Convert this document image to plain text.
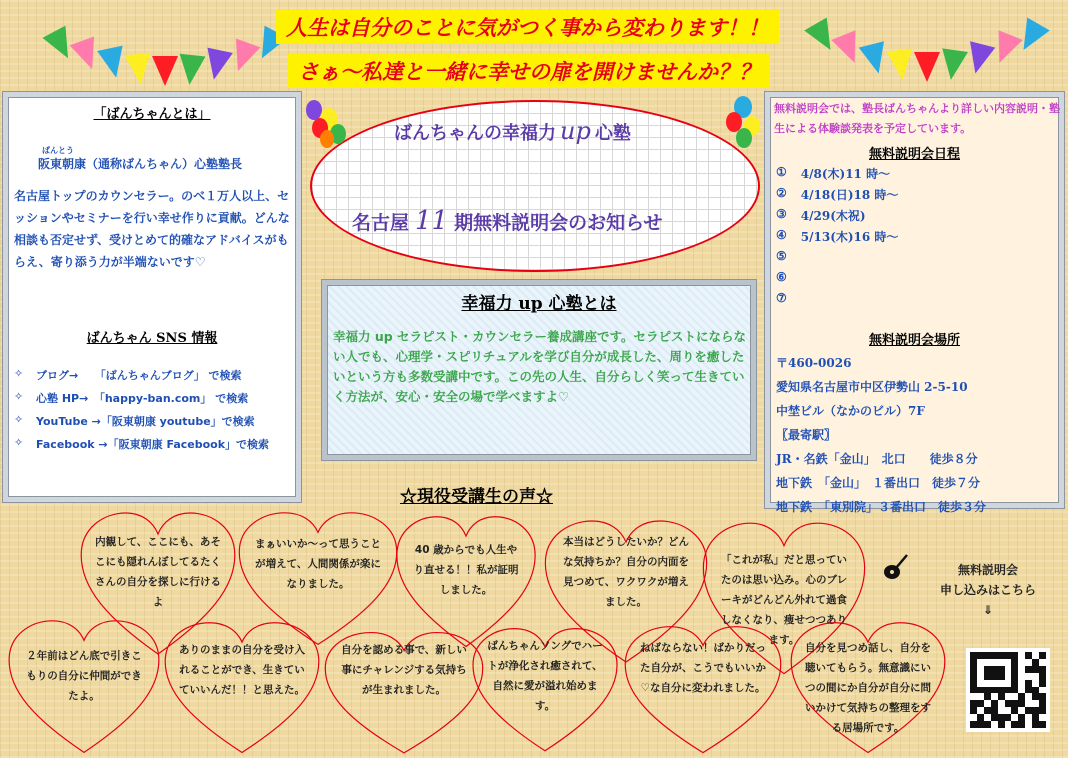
人生は自分のことに気がつく事から変わります！！
さぁ～私達と一緒に幸せの扉を開けませんか？？
「ばんちゃんとは」
ばんとう
阪東朝康（通称ばんちゃん）心塾塾長
名古屋トップのカウンセラー。のべ１万人以上、セッションやセミナーを行い幸せ作りに貢献。どんな相談も否定せず、受けとめて的確なアドバイスがもらえ、寄り添う力が半端ないです♡
ばんちゃん SNS 情報
✧	ブログ→　　「ばんちゃんブログ」 で検索
✧	心塾 HP→　「happy-ban.com」 で検索
✧	YouTube →「阪東朝康 youtube」で検索
✧	Facebook →「阪東朝康 Facebook」で検索
ばんちゃんの幸福力 up 心塾
名古屋 11 期無料説明会のお知らせ
幸福力 up 心塾とは
幸福力 up セラピスト・カウンセラー養成講座です。セラピストにならない人でも、心理学・スピリチュアルを学び自分が成長した、周りを癒したいという方も多数受講中です。この先の人生、自分らしく笑って生きていく方法が、安心・安全の場で学べますよ♡
無料説明会では、塾長ばんちゃんより詳しい内容説明・塾生による体験談発表を予定しています。
無料説明会日程
① 4/8(木)11 時～
② 4/18(日)18 時～
③ 4/29(木祝)
④ 5/13(木)16 時～
⑤
⑥
⑦
無料説明会場所
〒460-0026
愛知県名古屋市中区伊勢山 2-5-10
中埜ビル（なかのビル）7F
〖最寄駅〗
JR・名鉄「金山」　北口　　徒歩８分
地下鉄　「金山」　１番出口　徒歩７分
地下鉄　「東別院」３番出口　徒歩３分
☆現役受講生の声☆
内観して、ここにも、あそこにも隠れんぼしてるたくさんの自分を探しに行けるよ
まぁいいか～って思うことが増えて、人間関係が楽になりました。
40 歳からでも人生やり直せる！！私が証明しました。
本当はどうしたいか？どんな気持ちか？自分の内面を見つめて、ワクワクが増えました。
「これが私」だと思っていたのは思い込み。心のブレーキがどんどん外れて過食しなくなり、痩せつつあります。
２年前はどん底で引きこもりの自分に仲間ができたよ。
ありのままの自分を受け入れることができ、生きていていいんだ！！と思えた。
自分を認める事で、新しい事にチャレンジする気持ちが生まれました。
ばんちゃんソングでハートが浄化され癒されて、自然に愛が溢れ始めます。
ねばならない！ばかりだった自分が、こうでもいいか♡な自分に変われました。
自分を見つめ話し、自分を聴いてもらう。無意識にいつの間にか自分が自分に問いかけて気持ちの整理をする居場所です。
無料説明会
申し込みはこちら
⇓
